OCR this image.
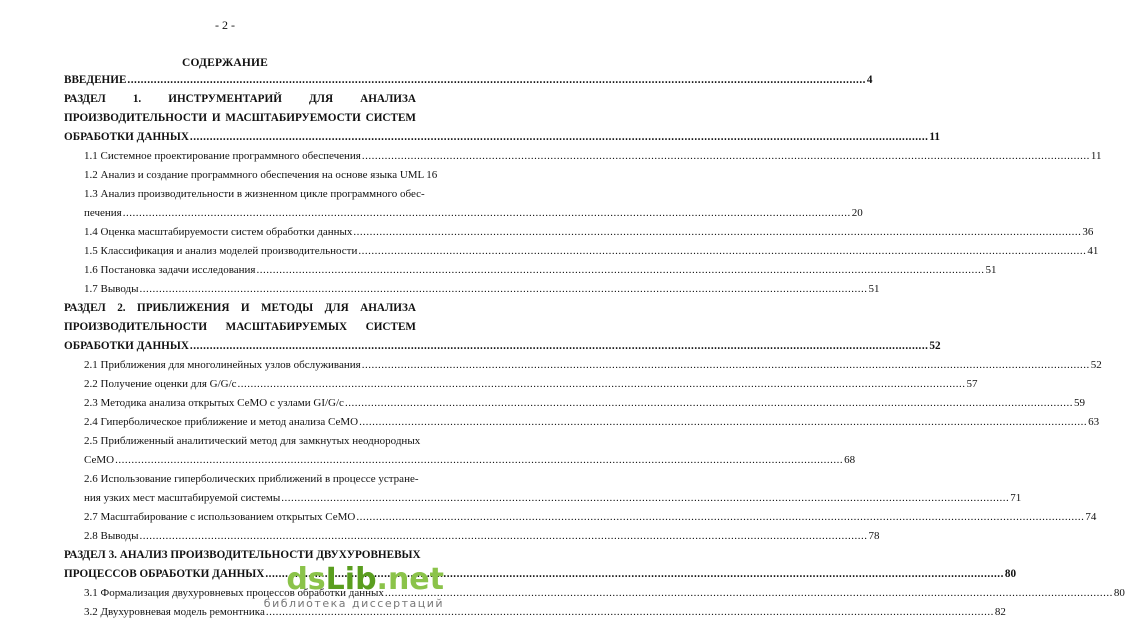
- 2 -
СОДЕРЖАНИЕ
ВВЕДЕНИЕ .....	4
РАЗДЕЛ 1. ИНСТРУМЕНТАРИЙ ДЛЯ АНАЛИЗА
ПРОИЗВОДИТЕЛЬНОСТИ И МАСШТАБИРУЕМОСТИ СИСТЕМ
ОБРАБОТКИ ДАННЫХ .....	11
1.1 Системное проектирование программного обеспечения .....	11
1.2 Анализ и создание программного обеспечения на основе языка UML 16
1.3 Анализ производительности в жизненном цикле программного обес-
печения .....	20
1.4 Оценка масштабируемости систем обработки данных .....	36
1.5 Классификация и анализ моделей производительности .....	41
1.6 Постановка задачи исследования .....	51
1.7 Выводы .....	51
РАЗДЕЛ 2. ПРИБЛИЖЕНИЯ И МЕТОДЫ ДЛЯ АНАЛИЗА
ПРОИЗВОДИТЕЛЬНОСТИ МАСШТАБИРУЕМЫХ СИСТЕМ
ОБРАБОТКИ ДАННЫХ .....	52
2.1 Приближения для многолинейных узлов обслуживания .....	52
2.2 Получение оценки для G/G/c .....	57
2.3 Методика анализа открытых СеМО с узлами GI/G/c .....	59
2.4 Гиперболическое приближение и метод анализа СеМО .....	63
2.5 Приближенный аналитический метод для замкнутых неоднородных
СеМО .....	68
2.6 Использование гиперболических приближений в процессе устране-
ния узких мест масштабируемой системы .....	71
2.7 Масштабирование с использованием открытых СеМО .....	74
2.8 Выводы .....	78
РАЗДЕЛ 3. АНАЛИЗ ПРОИЗВОДИТЕЛЬНОСТИ ДВУХУРОВНЕВЫХ
ПРОЦЕССОВ ОБРАБОТКИ ДАННЫХ .....	80
3.1 Формализация двухуровневых процессов обработки данных .....	80
3.2 Двухуровневая модель ремонтника .....	82
dsLib.net
библиотека диссертаций
